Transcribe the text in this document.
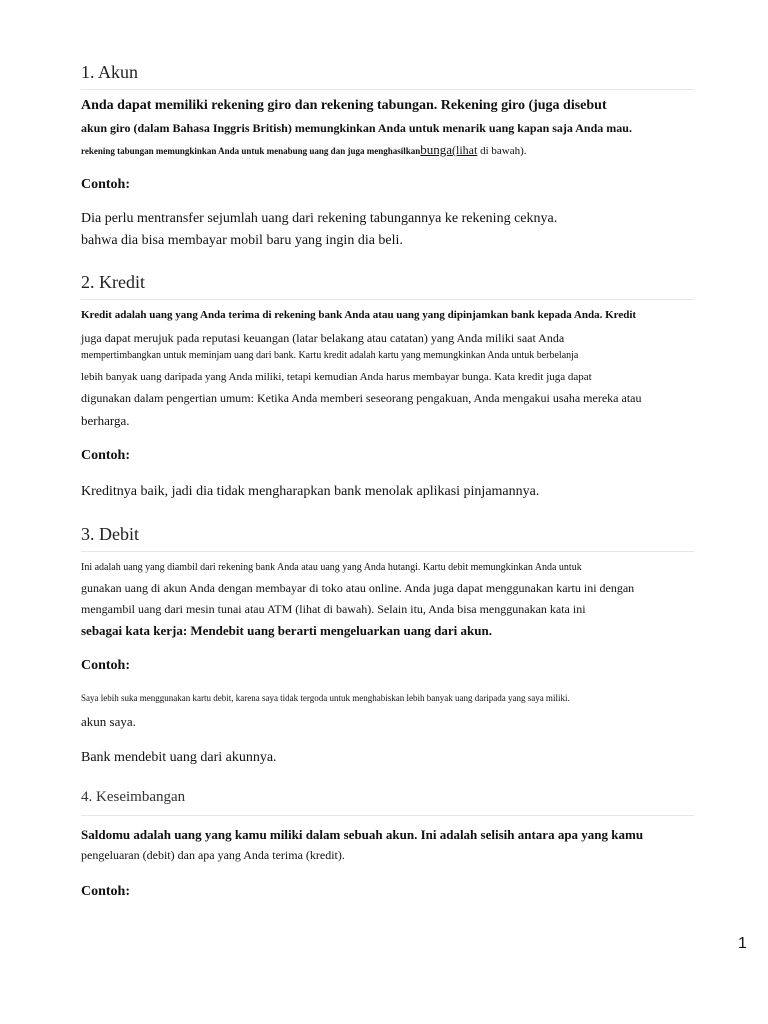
1. Akun
Anda dapat memiliki rekening giro dan rekening tabungan. Rekening giro (juga disebut
akun giro (dalam Bahasa Inggris British) memungkinkan Anda untuk menarik uang kapan saja Anda mau.
rekening tabungan memungkinkan Anda untuk menabung uang dan juga menghasilkanbunga(lihat di bawah).
Contoh:
Dia perlu mentransfer sejumlah uang dari rekening tabungannya ke rekening ceknya.
bahwa dia bisa membayar mobil baru yang ingin dia beli.
2. Kredit
Kredit adalah uang yang Anda terima di rekening bank Anda atau uang yang dipinjamkan bank kepada Anda. Kredit
juga dapat merujuk pada reputasi keuangan (latar belakang atau catatan) yang Anda miliki saat Anda
mempertimbangkan untuk meminjam uang dari bank. Kartu kredit adalah kartu yang memungkinkan Anda untuk berbelanja
lebih banyak uang daripada yang Anda miliki, tetapi kemudian Anda harus membayar bunga. Kata kredit juga dapat
digunakan dalam pengertian umum: Ketika Anda memberi seseorang pengakuan, Anda mengakui usaha mereka atau
berharga.
Contoh:
Kreditnya baik, jadi dia tidak mengharapkan bank menolak aplikasi pinjamannya.
3. Debit
Ini adalah uang yang diambil dari rekening bank Anda atau uang yang Anda hutangi. Kartu debit memungkinkan Anda untuk
gunakan uang di akun Anda dengan membayar di toko atau online. Anda juga dapat menggunakan kartu ini dengan
mengambil uang dari mesin tunai atau ATM (lihat di bawah). Selain itu, Anda bisa menggunakan kata ini
sebagai kata kerja: Mendebit uang berarti mengeluarkan uang dari akun.
Contoh:
Saya lebih suka menggunakan kartu debit, karena saya tidak tergoda untuk menghabiskan lebih banyak uang daripada yang saya miliki.
akun saya.
Bank mendebit uang dari akunnya.
4. Keseimbangan
Saldomu adalah uang yang kamu miliki dalam sebuah akun. Ini adalah selisih antara apa yang kamu
pengeluaran (debit) dan apa yang Anda terima (kredit).
Contoh:
1
